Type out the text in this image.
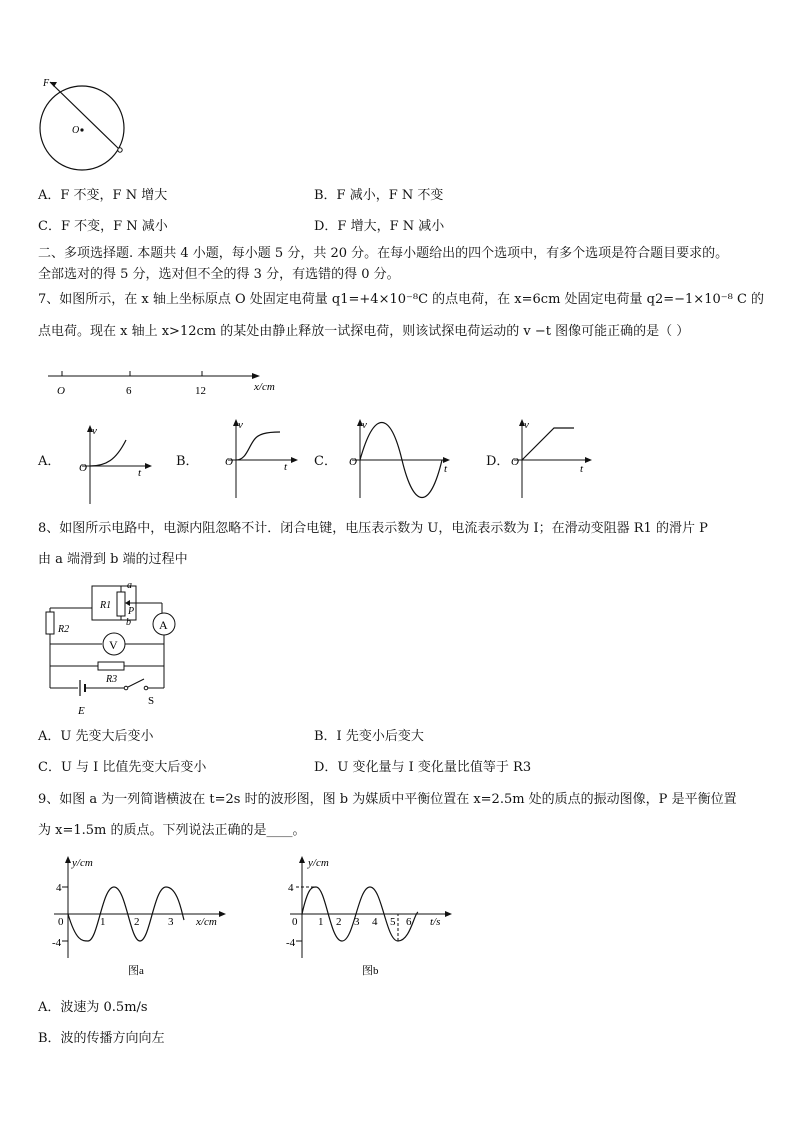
F
O
A．F 不变，F N 增大	B．F 减小，F N 不变
C．F 不变，F N 减小	D．F 增大，F N 减小
二、多项选择题. 本题共 4 小题，每小题 5 分，共 20 分。在每小题给出的四个选项中，有多个选项是符合题目要求的。
全部选对的得 5 分，选对但不全的得 3 分，有选错的得 0 分。
7、如图所示，在 x 轴上坐标原点 O 处固定电荷量 q1=+4×10⁻⁸C 的点电荷，在 x=6cm 处固定电荷量 q2=−1×10⁻⁸ C 的
点电荷。现在 x 轴上 x>12cm 的某处由静止释放一试探电荷，则该试探电荷运动的 v −t 图像可能正确的是（ ）
O	6	12	x/cm
A．	B．	C．	D．
v
O	t
v
O	t
v
O
t
v
O
t
8、如图所示电路中，电源内阻忽略不计．闭合电键，电压表示数为 U，电流表示数为 I；在滑动变阻器 R1 的滑片 P
由 a 端滑到 b 端的过程中
A
V
a
P
b
R1
R2
R3
S
E
A．U 先变大后变小	B．I 先变小后变大
C．U 与 I 比值先变大后变小	D．U 变化量与 I 变化量比值等于 R3
9、如图 a 为一列简谐横波在 t=2s 时的波形图，图 b 为媒质中平衡位置在 x=2.5m 处的质点的振动图像，P 是平衡位置
为 x=1.5m 的质点。下列说法正确的是____。
y/cm
4
-4
0	1	2	3 x/cm
图a
y/cm
4
-4
0 1 2 3 4 5 6 t/s
图b
A．波速为 0.5m/s
B．波的传播方向向左
